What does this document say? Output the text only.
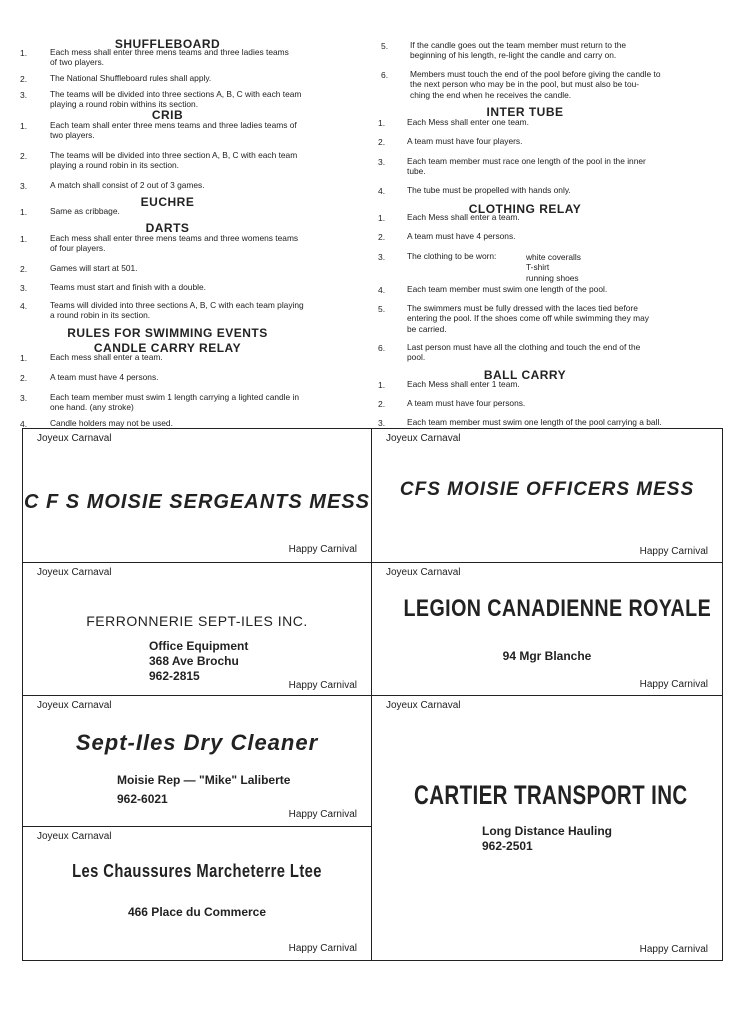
SHUFFLEBOARD
1.	Each mess shall enter three mens teams and three ladies teams
of two players.
2.	The National Shuffleboard rules shall apply.
3.	The teams will be divided into three sections A, B, C with each team
playing a round robin withins its section.
CRIB
1.	Each team shall enter three mens teams and three ladies teams of
two players.
2.	The teams will be divided into three section A, B, C with each team
playing a round robin in its section.
3.	A match shall consist of 2 out of 3 games.
EUCHRE
1.	Same as cribbage.
DARTS
1.	Each mess shall enter three mens teams and three womens teams
of four players.
2.	Games will start at 501.
3.	Teams must start and finish with a double.
4.	Teams will divided into three sections A, B, C with each team playing
a round robin in its section.
RULES FOR SWIMMING EVENTS
CANDLE CARRY RELAY
1.	Each mess shall enter a team.
2.	A team must have 4 persons.
3.	Each team member must swim 1 length carrying a lighted candle in
one hand. (any stroke)
4.	Candle holders may not be used.
5.	If the candle goes out the team member must return to the
beginning of his length, re-light the candle and carry on.
6.	Members must touch the end of the pool before giving the candle to
the next person who may be in the pool, but must also be tou-
ching the end when he receives the candle.
INTER TUBE
1.	Each Mess shall enter one team.
2.	A team must have four players.
3.	Each team member must race one length of the pool in the inner
tube.
4.	The tube must be propelled with hands only.
CLOTHING RELAY
1.	Each Mess shall enter a team.
2.	A team must have 4 persons.
3.	The clothing to be worn:	white coveralls
T-shirt
running shoes
4.	Each team member must swim one length of the pool.
5.	The swimmers must be fully dressed with the laces tied before
entering the pool. If the shoes come off while swimming they may
be carried.
6.	Last person must have all the clothing and touch the end of the
pool.
BALL CARRY
1.	Each Mess shall enter 1 team.
2.	A team must have four persons.
3.	Each team member must swim one length of the pool carrying a ball.
Joyeux Carnaval
C F S MOISIE SERGEANTS MESS
Happy Carnival
Joyeux Carnaval
CFS MOISIE OFFICERS MESS
Happy Carnival
Joyeux Carnaval
FERRONNERIE SEPT-ILES INC.
Office Equipment
368 Ave Brochu
962-2815
Happy Carnival
Joyeux Carnaval
LEGION CANADIENNE ROYALE
94 Mgr Blanche
Happy Carnival
Joyeux Carnaval
Sept-Iles Dry Cleaner
Moisie Rep — "Mike" Laliberte
962-6021
Happy Carnival
Joyeux Carnaval
CARTIER TRANSPORT INC
Long Distance Hauling
962-2501
Happy Carnival
Joyeux Carnaval
Les Chaussures Marcheterre Ltee
466 Place du Commerce
Happy Carnival
